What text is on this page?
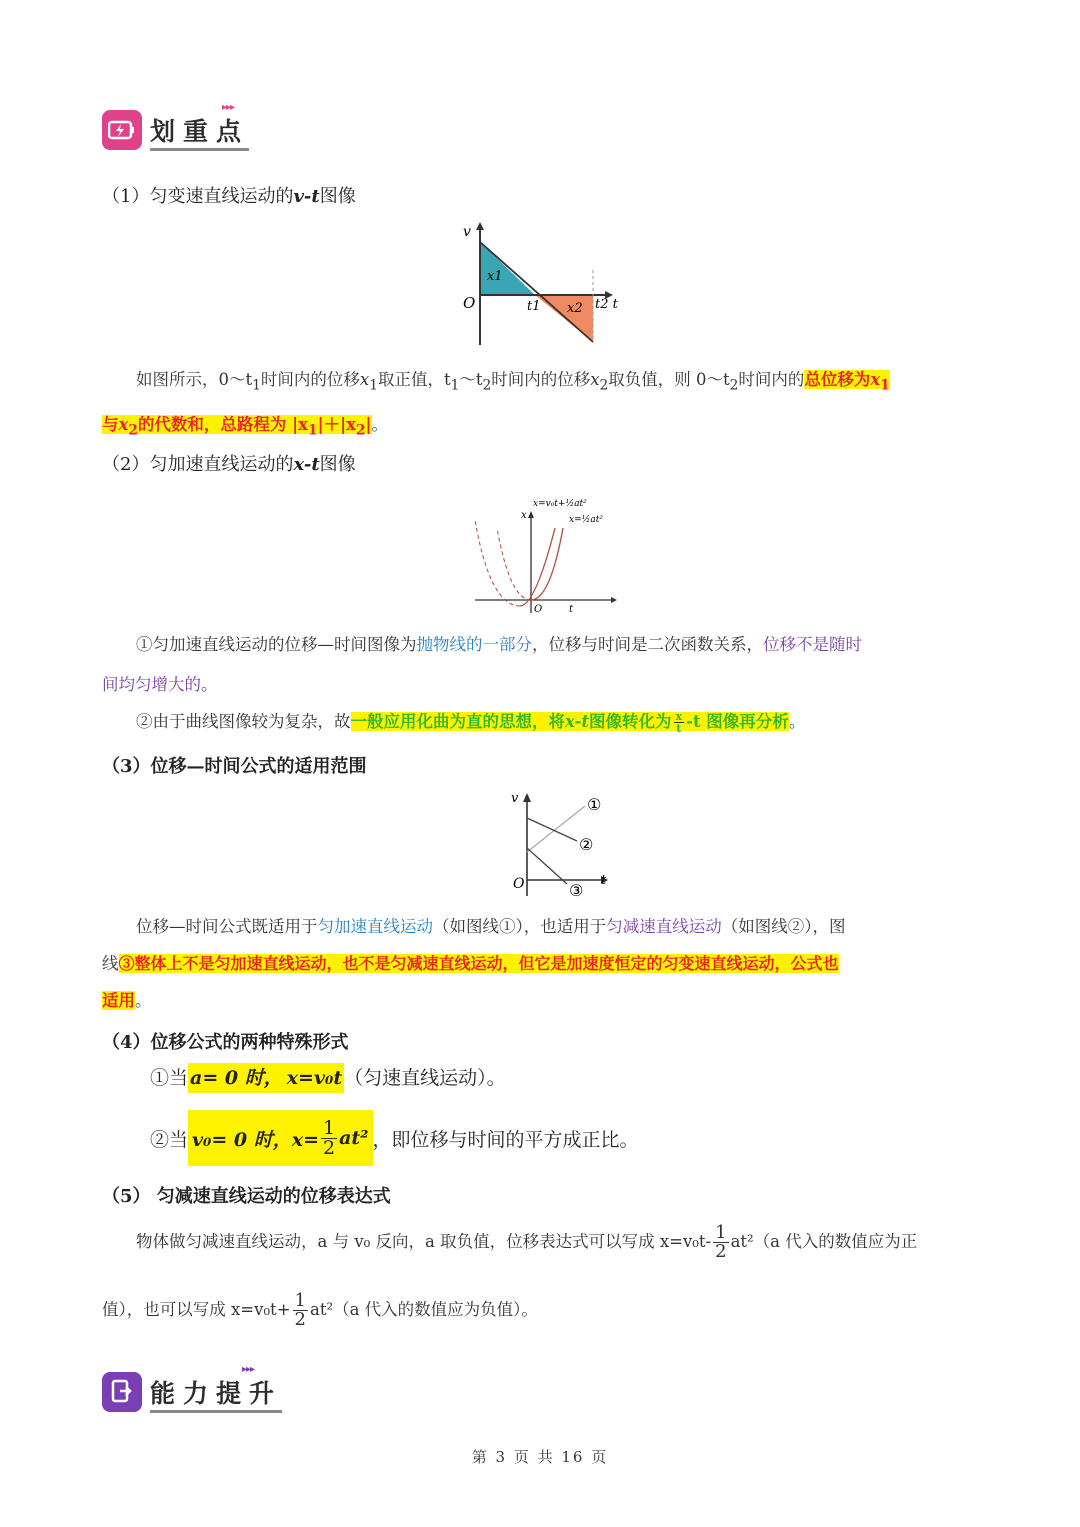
▸▸▸
划重点
（1）匀变速直线运动的v-t图像
v
O
x1
t1 x2 t2 t
如图所示，$0\sim t_1$时间内的位移$x_1$取正值，$t_1\sim t_2$时间内的位移$x_2$取负值，则 $0\sim t_2$时间内的总位移为$x_1$
与$x_2$的代数和，总路程为 $|x_1|+|x_2|$。
（2）匀加速直线运动的x-t图像
x=v₀t+½at²
x=½at²
x
O	t
①匀加速直线运动的位移—时间图像为抛物线的一部分，位移与时间是二次函数关系，位移不是随时
间均匀增大的。
②由于曲线图像较为复杂，故一般应用化曲为直的思想，将x-t图像转化为 $\frac{x}{t} -t$ 图像再分析。
（3）位移—时间公式的适用范围
v
O	t
①
②
③
位移—时间公式既适用于匀加速直线运动（如图线①），也适用于匀减速直线运动（如图线②），图
线③整体上不是匀加速直线运动，也不是匀减速直线运动，但它是加速度恒定的匀变速直线运动，公式也
适用。
（4）位移公式的两种特殊形式
①当 a= 0 时， x=v₀t （匀速直线运动）。
②当 v₀= 0 时，$x= \frac{1}{2} at^2$ ，即位移与时间的平方成正比。
（5） 匀减速直线运动的位移表达式
物体做匀减速直线运动，a 与 v₀ 反向，a 取负值，位移表达式可以写成 $x=v_0t- \frac{1}{2} at^2(a$ 代入的数值应为正
值），也可以写成 $x=v_0t+ \frac{1}{2} at^2(a$ 代入的数值应为负值）。
▸▸▸
能力提升
第 3 页 共 16 页
